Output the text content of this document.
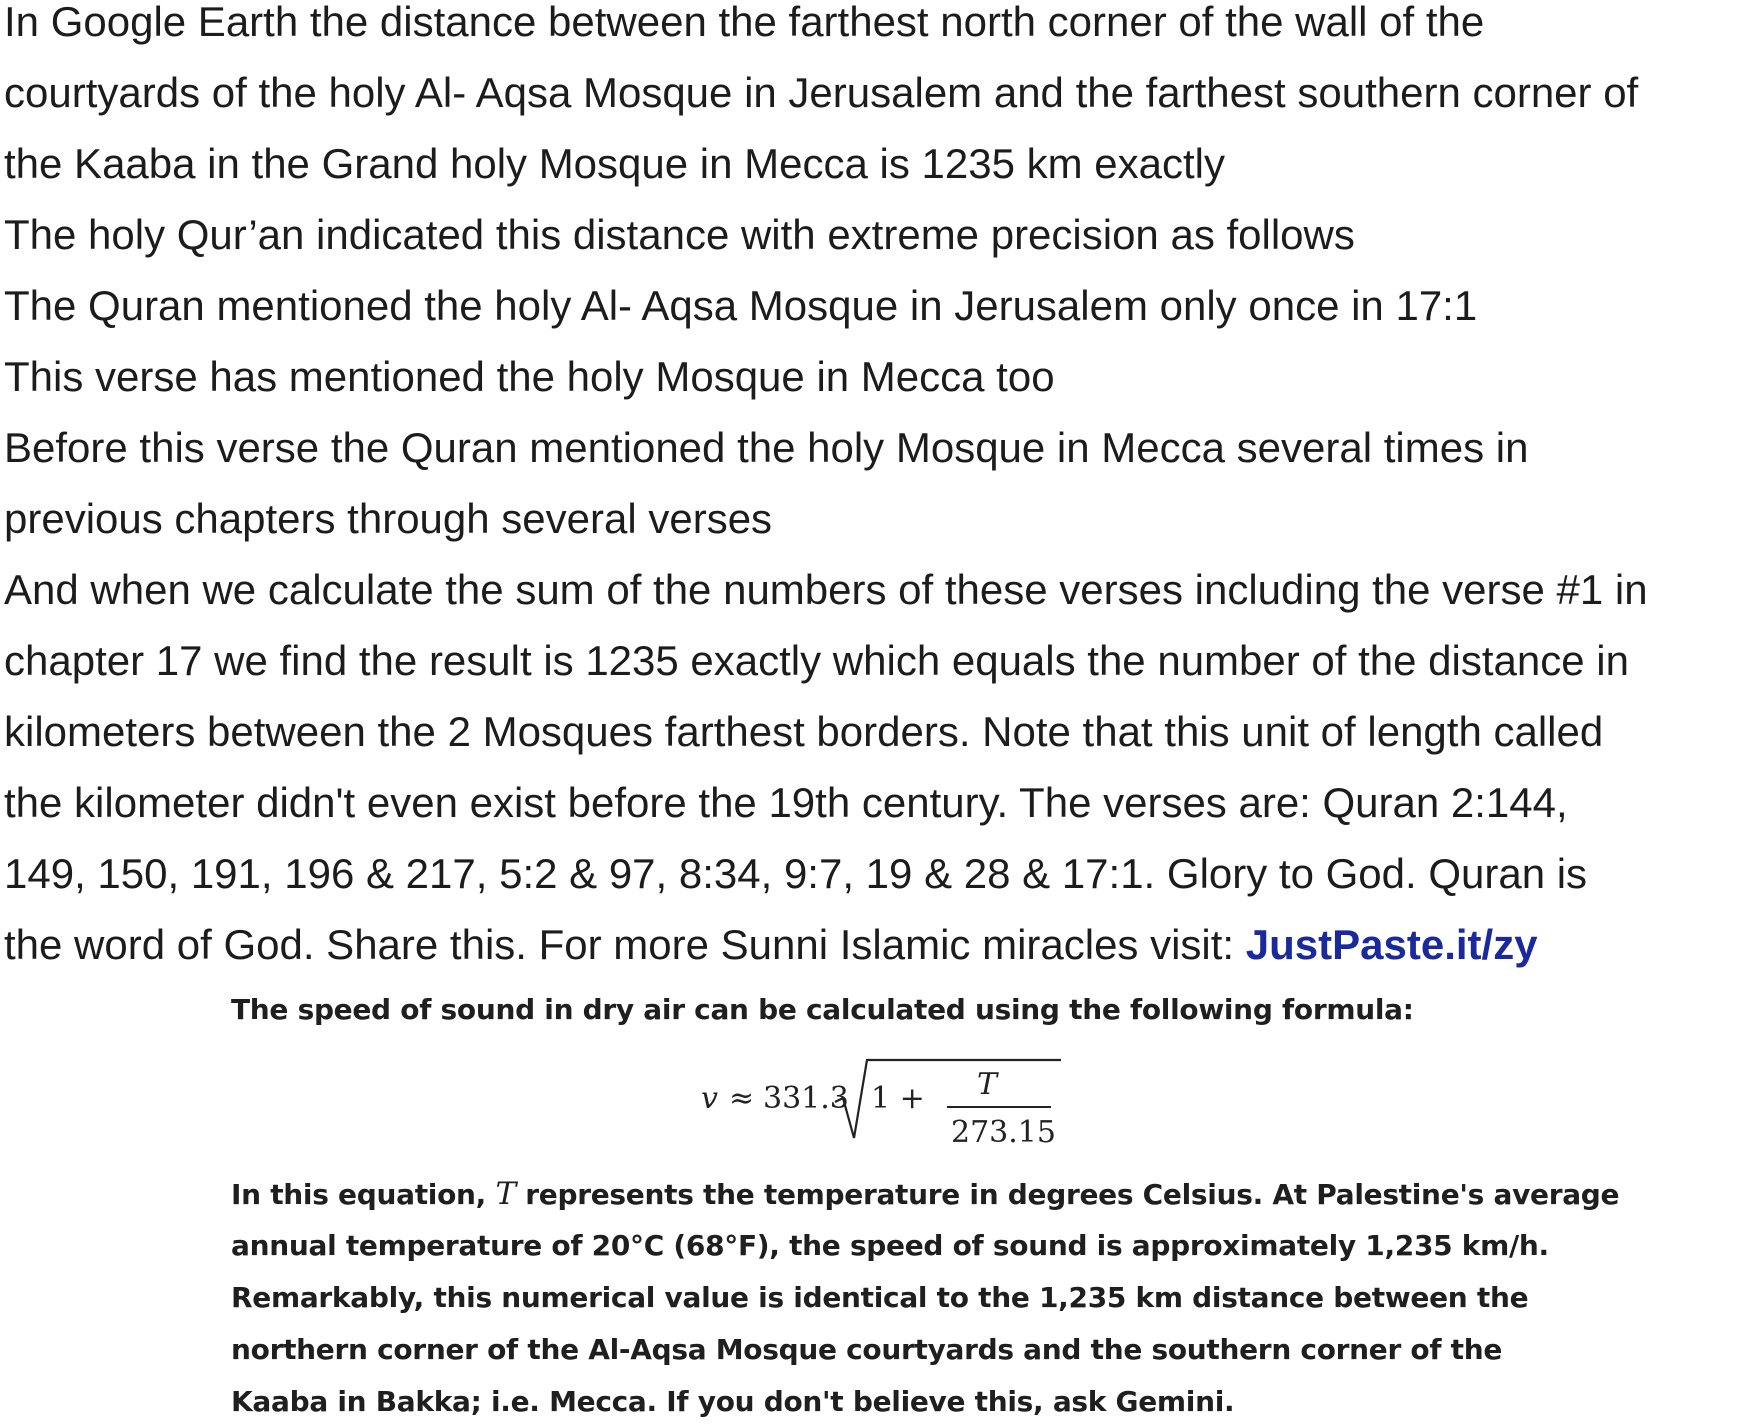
In Google Earth the distance between the farthest north corner of the wall of the
courtyards of the holy Al- Aqsa Mosque in Jerusalem and the farthest southern corner of
the Kaaba in the Grand holy Mosque in Mecca is 1235 km exactly
The holy Qur’an indicated this distance with extreme precision as follows
The Quran mentioned the holy Al- Aqsa Mosque in Jerusalem only once in 17:1
This verse has mentioned the holy Mosque in Mecca too
Before this verse the Quran mentioned the holy Mosque in Mecca several times in
previous chapters through several verses
And when we calculate the sum of the numbers of these verses including the verse #1 in
chapter 17 we find the result is 1235 exactly which equals the number of the distance in
kilometers between the 2 Mosques farthest borders. Note that this unit of length called
the kilometer didn't even exist before the 19th century. The verses are: Quran 2:144,
149, 150, 191, 196 & 217, 5:2 & 97, 8:34, 9:7, 19 & 28 & 17:1. Glory to God. Quran is
the word of God. Share this. For more Sunni Islamic miracles visit: JustPaste.it/zy
The speed of sound in dry air can be calculated using the following formula:
v ≈ 331.3 1 + T
273.15
In this equation, T represents the temperature in degrees Celsius. At Palestine's average
annual temperature of 20°C (68°F), the speed of sound is approximately 1,235 km/h.
Remarkably, this numerical value is identical to the 1,235 km distance between the
northern corner of the Al-Aqsa Mosque courtyards and the southern corner of the
Kaaba in Bakka; i.e. Mecca. If you don't believe this, ask Gemini.
